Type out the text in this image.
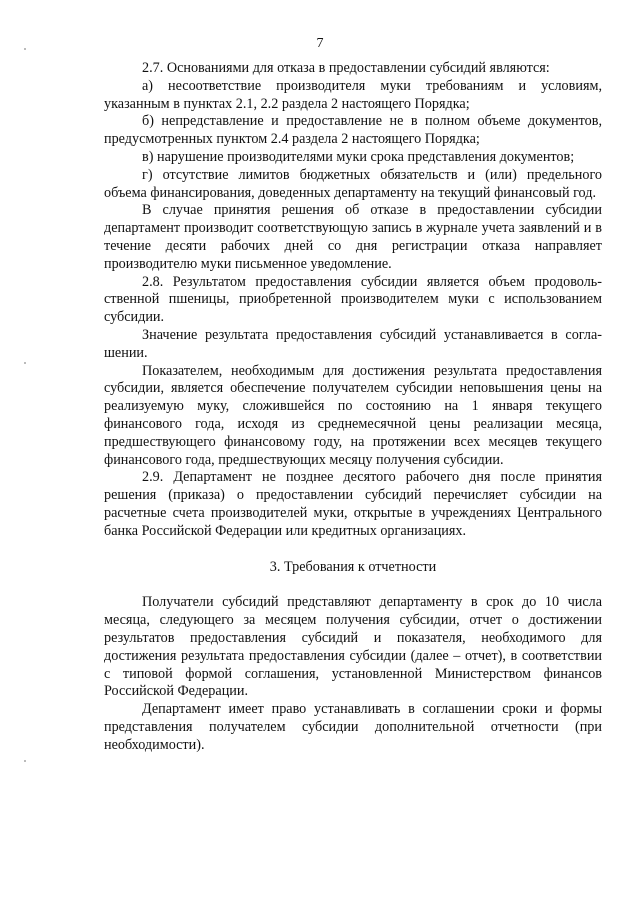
7

2.7. Основаниями для отказа в предоставлении субсидий являются:

а) несоответствие производителя муки требованиям и условиям, указанным в пунктах 2.1, 2.2 раздела 2 настоящего Порядка;

б) непредставление и предоставление не в полном объеме документов, предусмотренных пунктом 2.4 раздела 2 настоящего Порядка;

в) нарушение производителями муки срока представления документов;

г) отсутствие лимитов бюджетных обязательств и (или) предельного объема финансирования, доведенных департаменту на текущий финансовый год.

В случае принятия решения об отказе в предоставлении субсидии департамент производит соответствующую запись в журнале учета заявлений и в течение десяти рабочих дней со дня регистрации отказа направляет производителю муки письменное уведомление.

2.8. Результатом предоставления субсидии является объем продовольственной пшеницы, приобретенной производителем муки с использованием субсидии.

Значение результата предоставления субсидий устанавливается в соглашении.

Показателем, необходимым для достижения результата предоставления субсидии, является обеспечение получателем субсидии неповышения цены на реализуемую муку, сложившейся по состоянию на 1 января текущего финансового года, исходя из среднемесячной цены реализации месяца, предшествующего финансовому году, на протяжении всех месяцев текущего финансового года, предшествующих месяцу получения субсидии.

2.9. Департамент не позднее десятого рабочего дня после принятия решения (приказа) о предоставлении субсидий перечисляет субсидии на расчетные счета производителей муки, открытые в учреждениях Центрального банка Российской Федерации или кредитных организациях.

3. Требования к отчетности

Получатели субсидий представляют департаменту в срок до 10 числа месяца, следующего за месяцем получения субсидии, отчет о достижении результатов предоставления субсидий и показателя, необходимого для достижения результата предоставления субсидии (далее – отчет), в соответствии с типовой формой соглашения, установленной Министерством финансов Российской Федерации.

Департамент имеет право устанавливать в соглашении сроки и формы представления получателем субсидии дополнительной отчетности (при необходимости).
